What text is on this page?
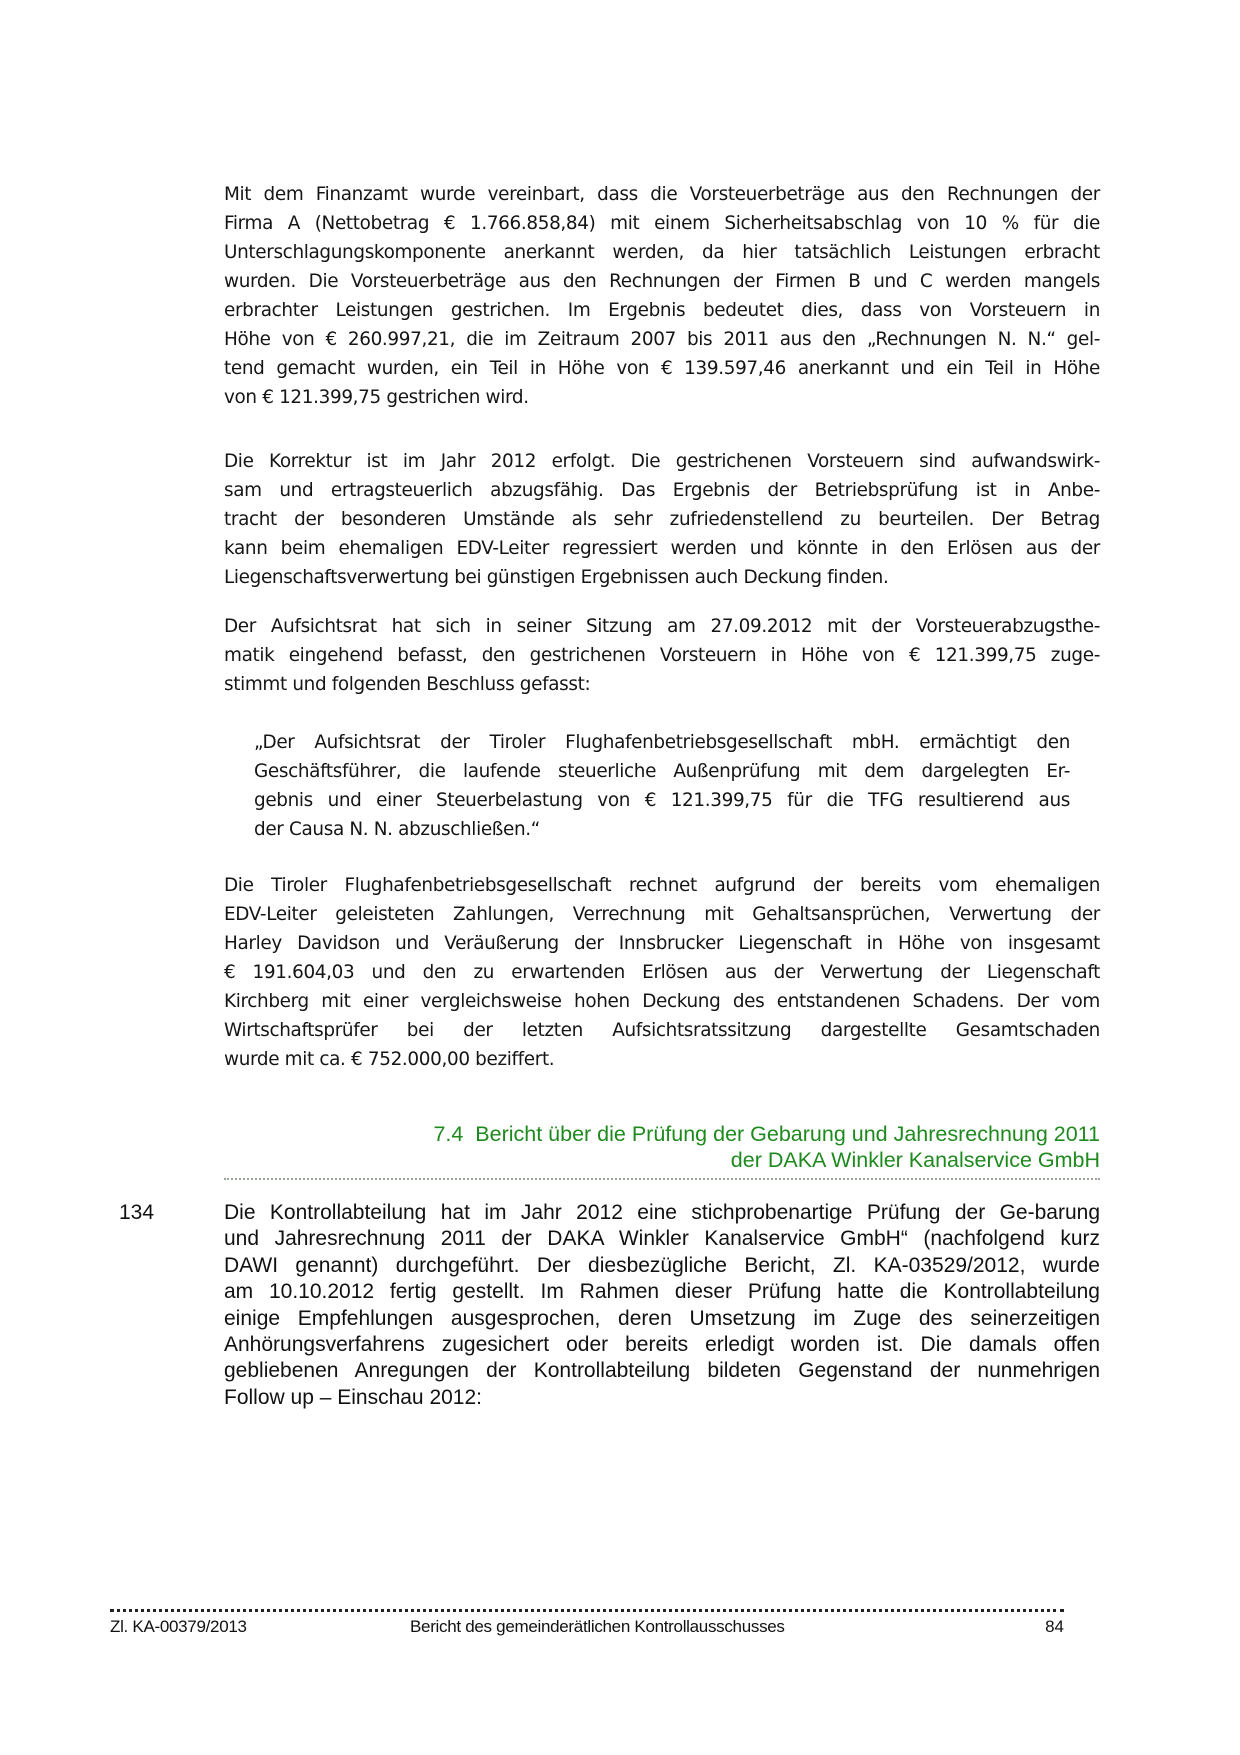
Mit dem Finanzamt wurde vereinbart, dass die Vorsteuerbeträge aus den Rechnungen der
Firma A (Nettobetrag € 1.766.858,84) mit einem Sicherheitsabschlag von 10 % für die
Unterschlagungskomponente anerkannt werden, da hier tatsächlich Leistungen erbracht
wurden. Die Vorsteuerbeträge aus den Rechnungen der Firmen B und C werden mangels
erbrachter Leistungen gestrichen. Im Ergebnis bedeutet dies, dass von Vorsteuern in
Höhe von € 260.997,21, die im Zeitraum 2007 bis 2011 aus den „Rechnungen N. N.“ gel-
tend gemacht wurden, ein Teil in Höhe von € 139.597,46 anerkannt und ein Teil in Höhe
von € 121.399,75 gestrichen wird.
Die Korrektur ist im Jahr 2012 erfolgt. Die gestrichenen Vorsteuern sind aufwandswirk-
sam und ertragsteuerlich abzugsfähig. Das Ergebnis der Betriebsprüfung ist in Anbe-
tracht der besonderen Umstände als sehr zufriedenstellend zu beurteilen. Der Betrag
kann beim ehemaligen EDV-Leiter regressiert werden und könnte in den Erlösen aus der
Liegenschaftsverwertung bei günstigen Ergebnissen auch Deckung finden.
Der Aufsichtsrat hat sich in seiner Sitzung am 27.09.2012 mit der Vorsteuerabzugsthe-
matik eingehend befasst, den gestrichenen Vorsteuern in Höhe von € 121.399,75 zuge-
stimmt und folgenden Beschluss gefasst:
„Der Aufsichtsrat der Tiroler Flughafenbetriebsgesellschaft mbH. ermächtigt den
Geschäftsführer, die laufende steuerliche Außenprüfung mit dem dargelegten Er-
gebnis und einer Steuerbelastung von € 121.399,75 für die TFG resultierend aus
der Causa N. N. abzuschließen.“
Die Tiroler Flughafenbetriebsgesellschaft rechnet aufgrund der bereits vom ehemaligen
EDV-Leiter geleisteten Zahlungen, Verrechnung mit Gehaltsansprüchen, Verwertung der
Harley Davidson und Veräußerung der Innsbrucker Liegenschaft in Höhe von insgesamt
€ 191.604,03 und den zu erwartenden Erlösen aus der Verwertung der Liegenschaft
Kirchberg mit einer vergleichsweise hohen Deckung des entstandenen Schadens. Der vom
Wirtschaftsprüfer bei der letzten Aufsichtsratssitzung dargestellte Gesamtschaden
wurde mit ca. € 752.000,00 beziffert.
7.4  Bericht über die Prüfung der Gebarung und Jahresrechnung 2011
der DAKA Winkler Kanalservice GmbH
134	Die Kontrollabteilung hat im Jahr 2012 eine stichprobenartige Prüfung der Ge-barung
und Jahresrechnung 2011 der DAKA Winkler Kanalservice GmbH“ (nachfolgend kurz
DAWI genannt) durchgeführt. Der diesbezügliche Bericht, Zl. KA-03529/2012, wurde
am 10.10.2012 fertig gestellt. Im Rahmen dieser Prüfung hatte die Kontrollabteilung
einige Empfehlungen ausgesprochen, deren Umsetzung im Zuge des seinerzeitigen
Anhörungsverfahrens zugesichert oder bereits erledigt worden ist. Die damals offen
gebliebenen Anregungen der Kontrollabteilung bildeten Gegenstand der nunmehrigen
Follow up – Einschau 2012:
Zl. KA-00379/2013	Bericht des gemeinderätlichen Kontrollausschusses	84
